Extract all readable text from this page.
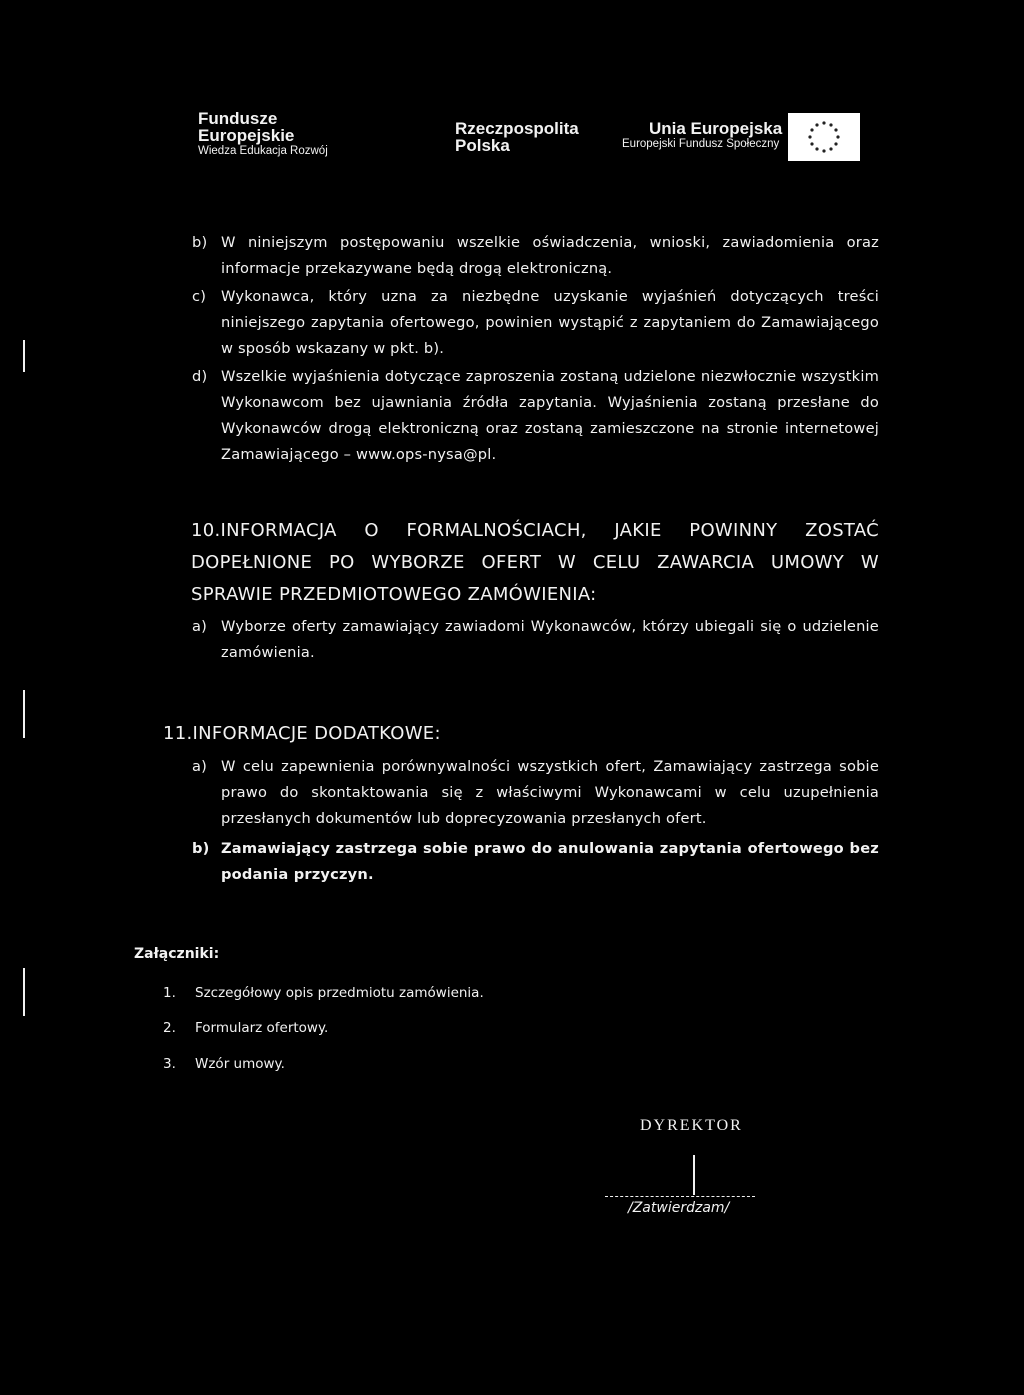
Fundusze
Europejskie
Wiedza Edukacja Rozwój
Rzeczpospolita
Polska
Unia Europejska
Europejski Fundusz Społeczny
b) W niniejszym postępowaniu wszelkie oświadczenia, wnioski, zawiadomienia oraz informacje przekazywane będą drogą elektroniczną.
c) Wykonawca, który uzna za niezbędne uzyskanie wyjaśnień dotyczących treści niniejszego zapytania ofertowego, powinien wystąpić z zapytaniem do Zamawiającego w sposób wskazany w pkt. b).
d) Wszelkie wyjaśnienia dotyczące zaproszenia zostaną udzielone niezwłocznie wszystkim Wykonawcom bez ujawniania źródła zapytania. Wyjaśnienia zostaną przesłane do Wykonawców drogą elektroniczną oraz zostaną zamieszczone na stronie internetowej Zamawiającego – www.ops-nysa@pl.
10.INFORMACJA O FORMALNOŚCIACH, JAKIE POWINNY ZOSTAĆ DOPEŁNIONE PO WYBORZE OFERT W CELU ZAWARCIA UMOWY W SPRAWIE PRZEDMIOTOWEGO ZAMÓWIENIA:
a) Wyborze oferty zamawiający zawiadomi Wykonawców, którzy ubiegali się o udzielenie zamówienia.
11.INFORMACJE DODATKOWE:
a) W celu zapewnienia porównywalności wszystkich ofert, Zamawiający zastrzega sobie prawo do skontaktowania się z właściwymi Wykonawcami w celu uzupełnienia przesłanych dokumentów lub doprecyzowania przesłanych ofert.
b) Zamawiający zastrzega sobie prawo do anulowania zapytania ofertowego bez podania przyczyn.
Załączniki:
1. Szczegółowy opis przedmiotu zamówienia.
2. Formularz ofertowy.
3. Wzór umowy.
DYREKTOR
/Zatwierdzam/
